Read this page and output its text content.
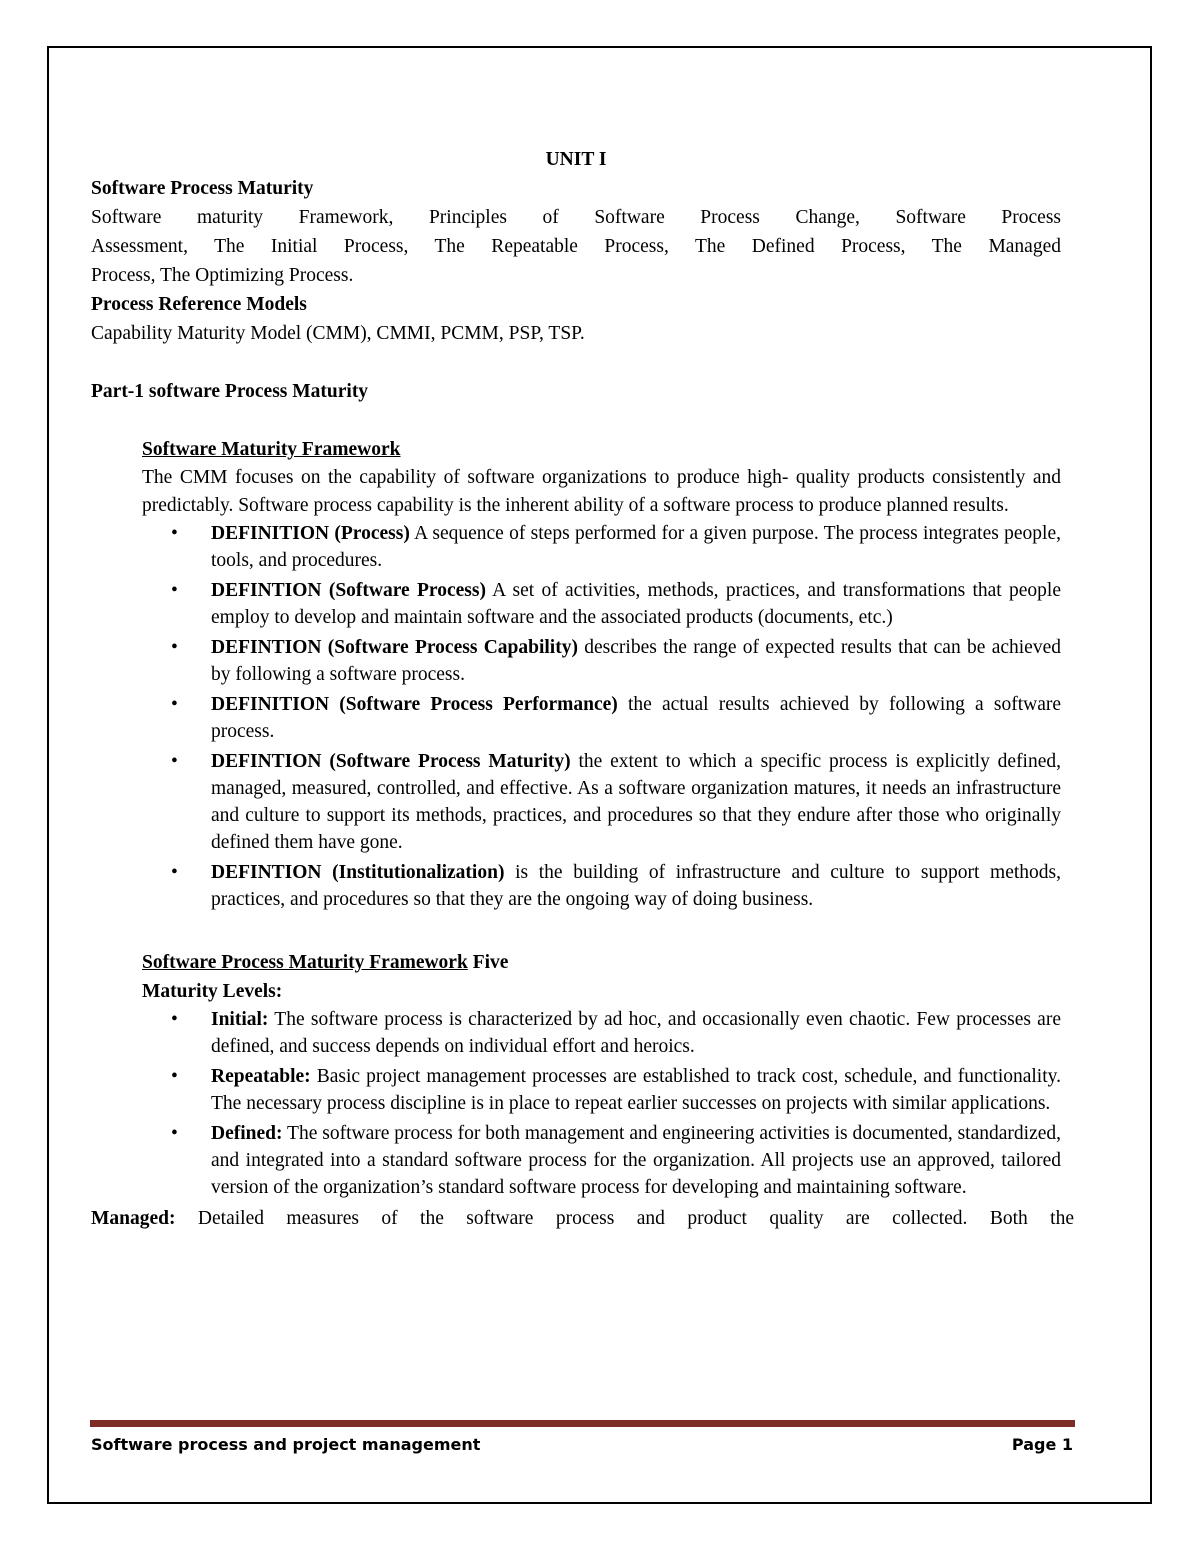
UNIT I
Software Process Maturity
Software maturity Framework, Principles of Software Process Change, Software Process
Assessment, The Initial Process, The Repeatable Process, The Defined Process, The Managed
Process, The Optimizing Process.
Process Reference Models
Capability Maturity Model (CMM), CMMI, PCMM, PSP, TSP.
Part-1 software Process Maturity
Software Maturity Framework
The CMM focuses on the capability of software organizations to produce high- quality products consistently and predictably. Software process capability is the inherent ability of a software process to produce planned results.
• DEFINITION (Process) A sequence of steps performed for a given purpose. The process integrates people, tools, and procedures.
• DEFINTION (Software Process) A set of activities, methods, practices, and transformations that people employ to develop and maintain software and the associated products (documents, etc.)
• DEFINTION (Software Process Capability) describes the range of expected results that can be achieved by following a software process.
• DEFINITION (Software Process Performance) the actual results achieved by following a software process.
• DEFINTION (Software Process Maturity) the extent to which a specific process is explicitly defined, managed, measured, controlled, and effective. As a software organization matures, it needs an infrastructure and culture to support its methods, practices, and procedures so that they endure after those who originally defined them have gone.
• DEFINTION (Institutionalization) is the building of infrastructure and culture to support methods, practices, and procedures so that they are the ongoing way of doing business.
Software Process Maturity Framework Five
Maturity Levels:
• Initial: The software process is characterized by ad hoc, and occasionally even chaotic. Few processes are defined, and success depends on individual effort and heroics.
• Repeatable: Basic project management processes are established to track cost, schedule, and functionality. The necessary process discipline is in place to repeat earlier successes on projects with similar applications.
• Defined: The software process for both management and engineering activities is documented, standardized, and integrated into a standard software process for the organization. All projects use an approved, tailored version of the organization’s standard software process for developing and maintaining software.
Managed: Detailed measures of the software process and product quality are collected. Both the
Software process and project management	Page 1
